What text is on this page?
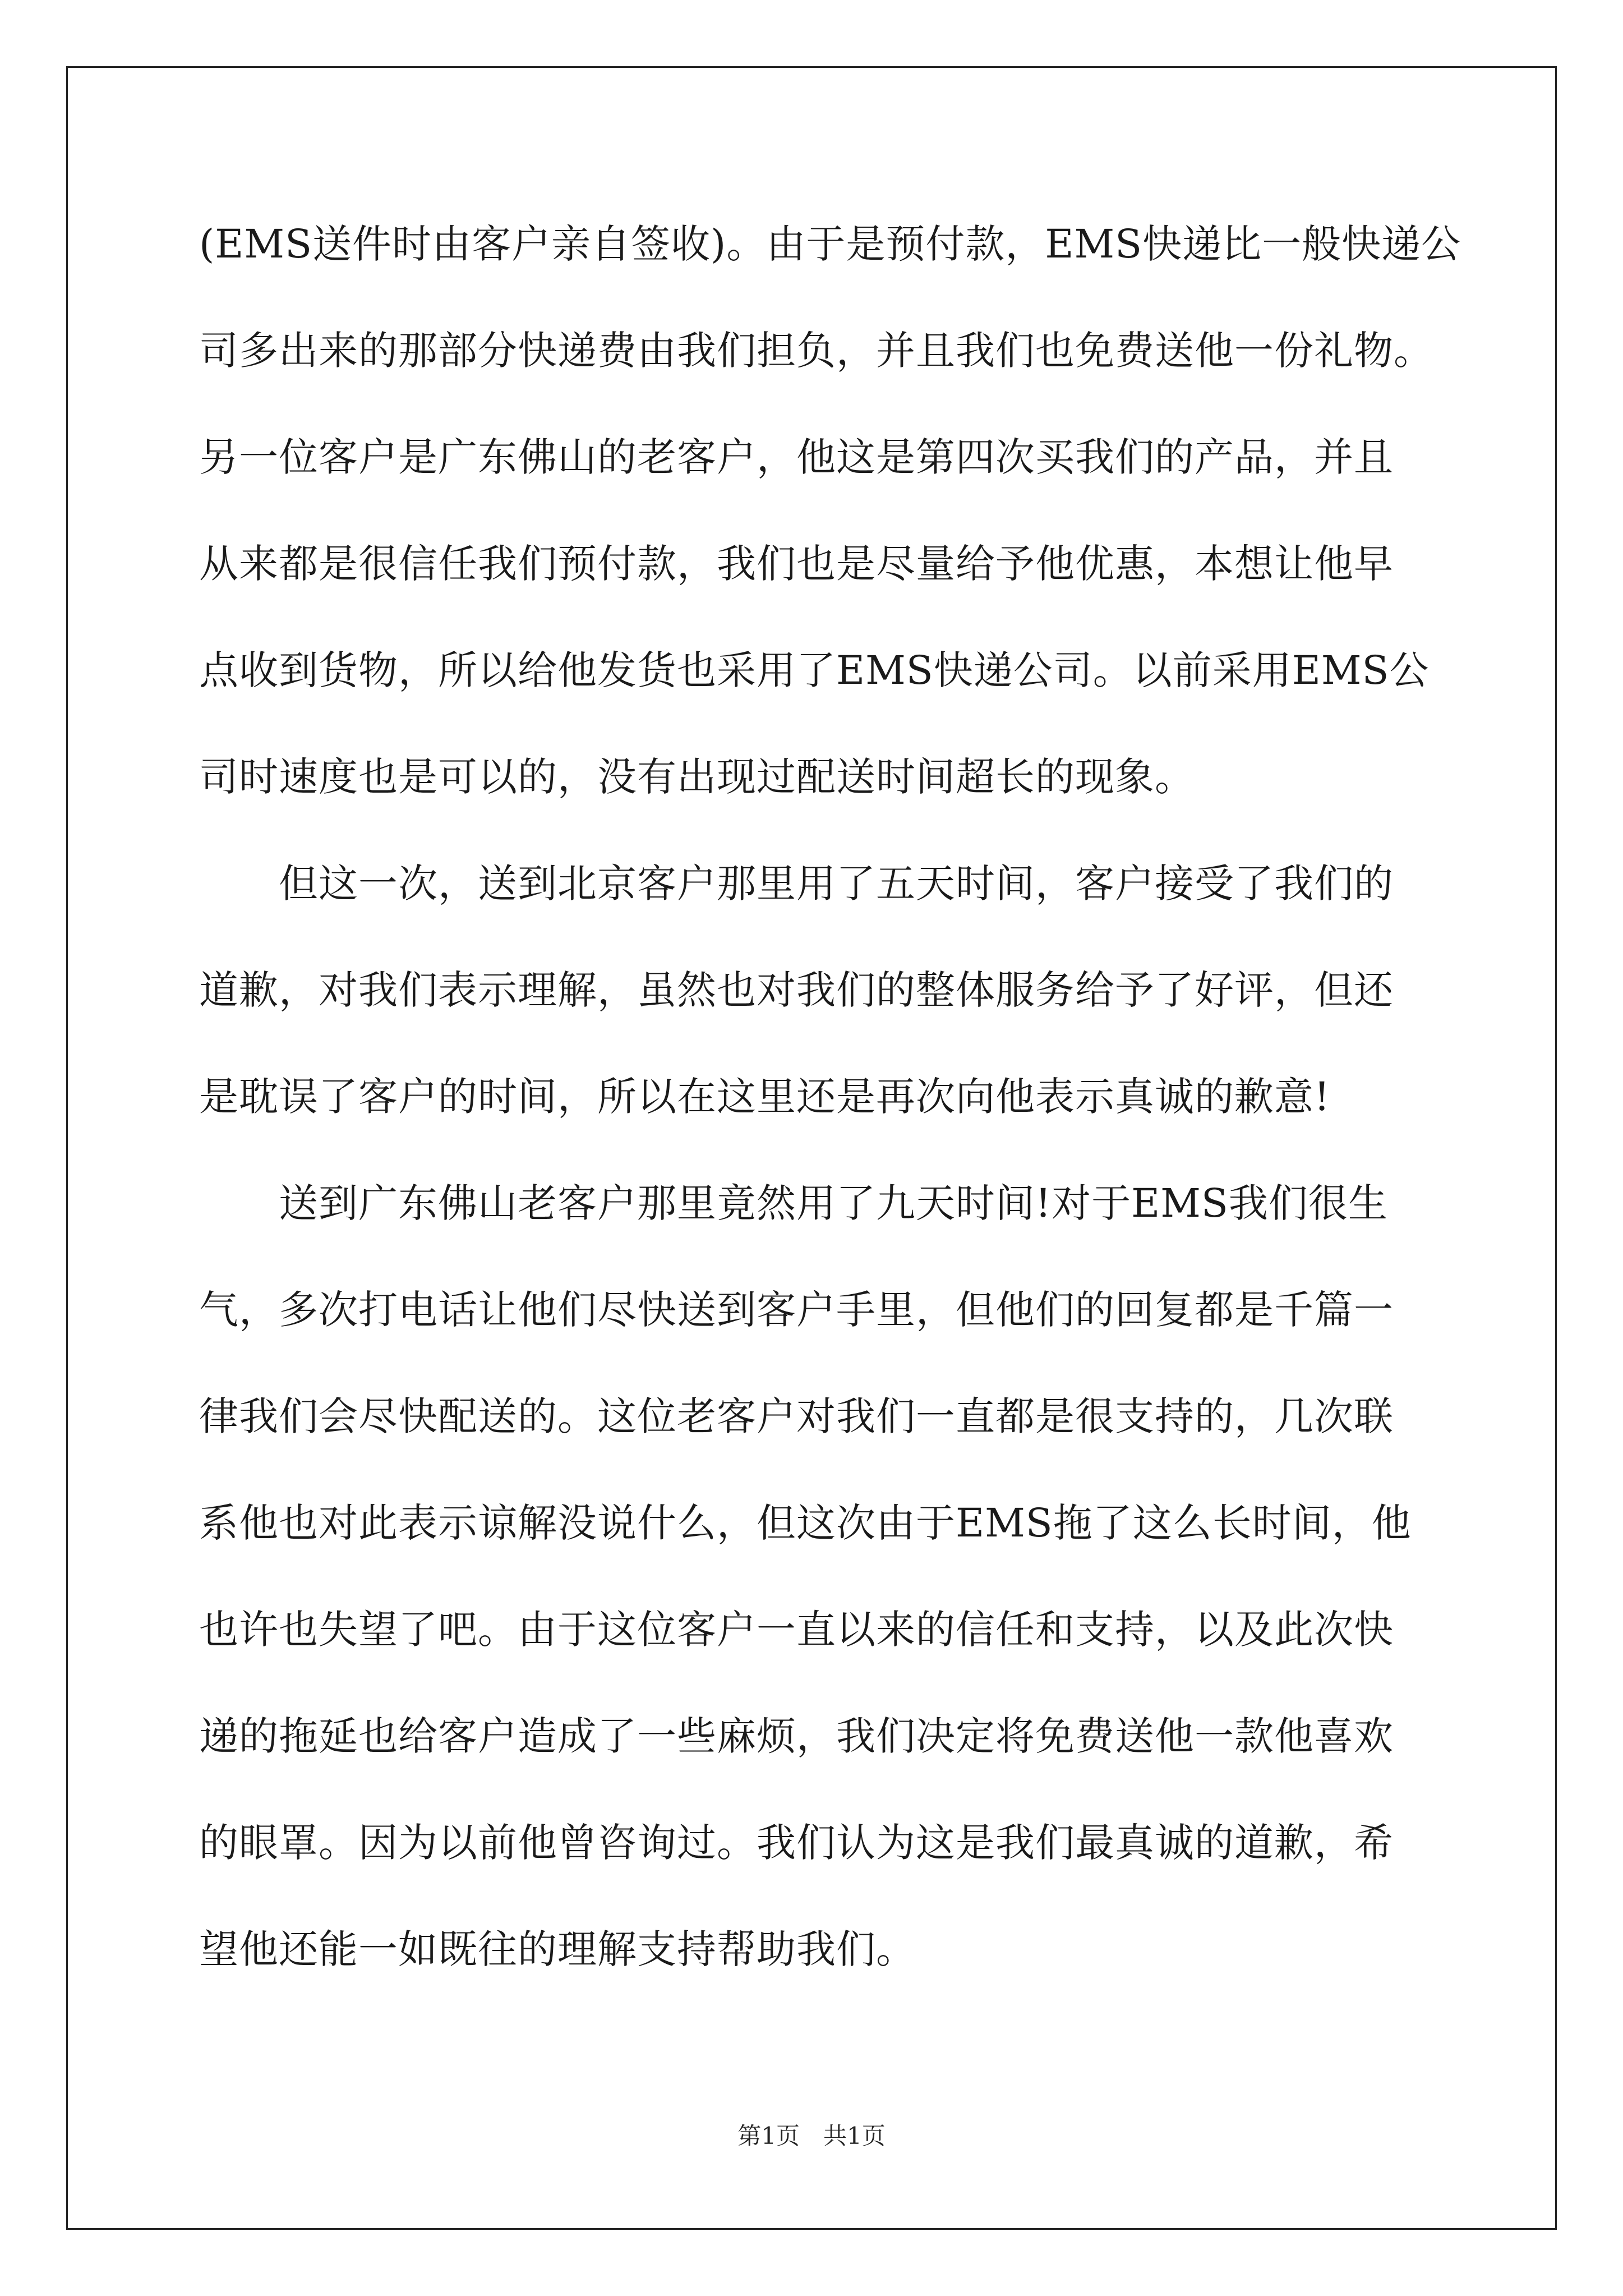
(EMS送件时由客户亲自签收)。由于是预付款，EMS快递比一般快递公
司多出来的那部分快递费由我们担负，并且我们也免费送他一份礼物。
另一位客户是广东佛山的老客户，他这是第四次买我们的产品，并且
从来都是很信任我们预付款，我们也是尽量给予他优惠，本想让他早
点收到货物，所以给他发货也采用了EMS快递公司。以前采用EMS公
司时速度也是可以的，没有出现过配送时间超长的现象。
　　但这一次，送到北京客户那里用了五天时间，客户接受了我们的
道歉，对我们表示理解，虽然也对我们的整体服务给予了好评，但还
是耽误了客户的时间，所以在这里还是再次向他表示真诚的歉意!
　　送到广东佛山老客户那里竟然用了九天时间!对于EMS我们很生
气，多次打电话让他们尽快送到客户手里，但他们的回复都是千篇一
律我们会尽快配送的。这位老客户对我们一直都是很支持的，几次联
系他也对此表示谅解没说什么，但这次由于EMS拖了这么长时间，他
也许也失望了吧。由于这位客户一直以来的信任和支持，以及此次快
递的拖延也给客户造成了一些麻烦，我们决定将免费送他一款他喜欢
的眼罩。因为以前他曾咨询过。我们认为这是我们最真诚的道歉，希
望他还能一如既往的理解支持帮助我们。
第1页　共1页
